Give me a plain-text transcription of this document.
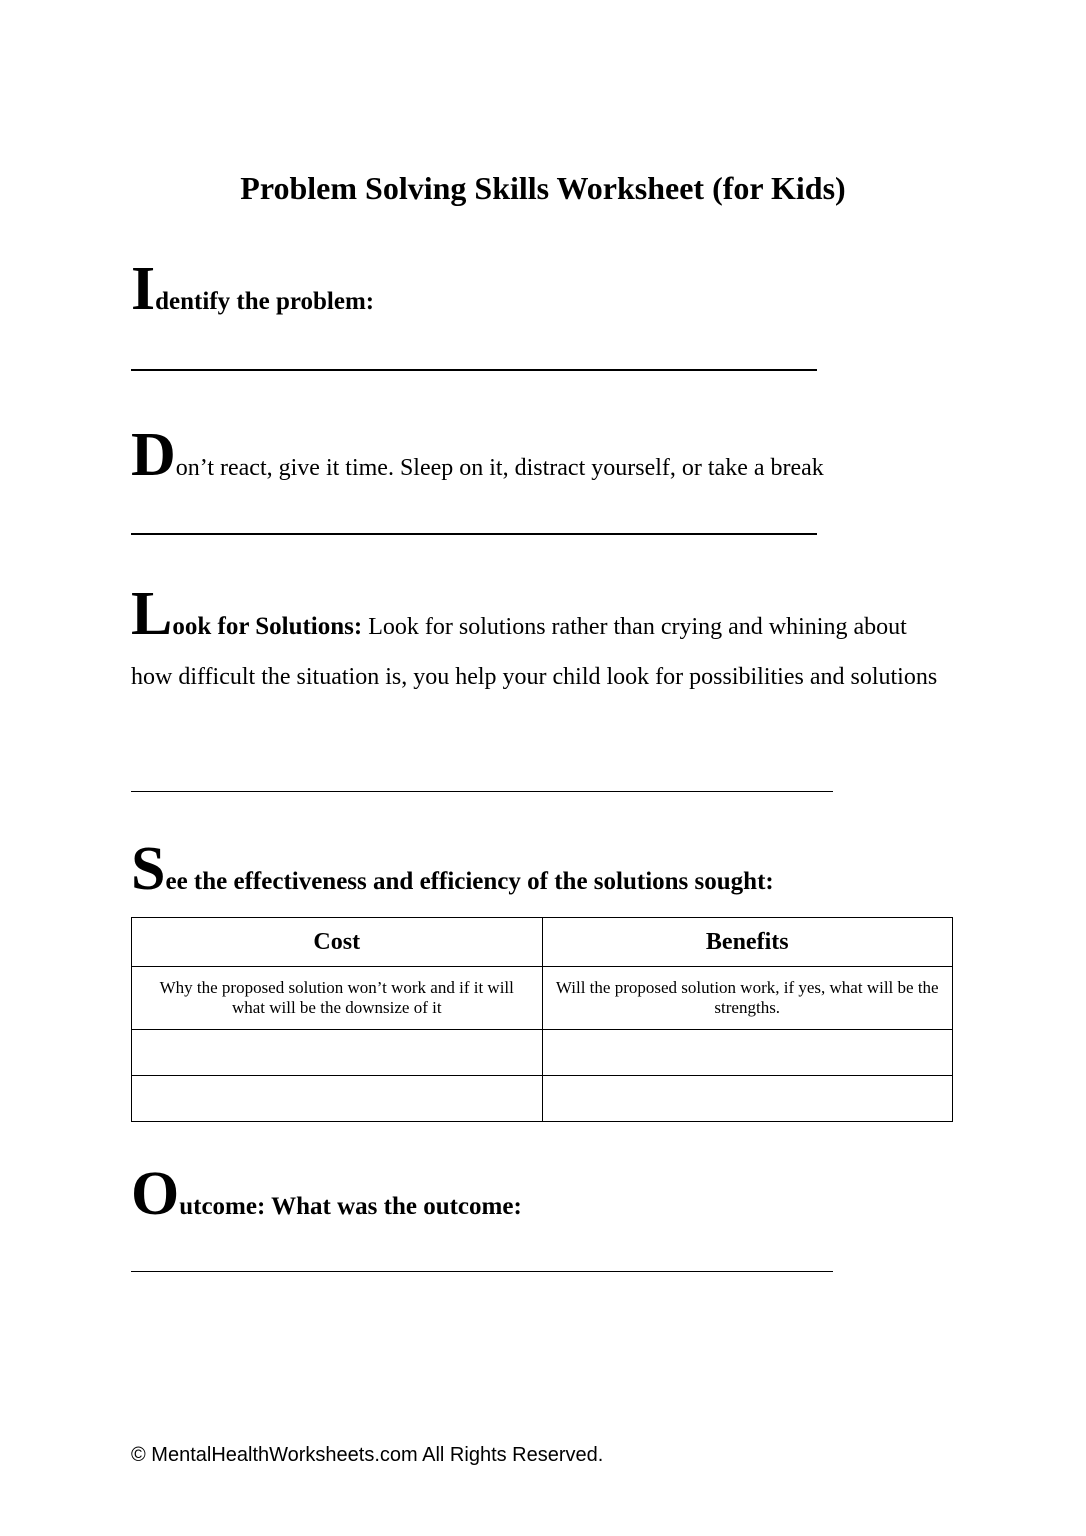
Problem Solving Skills Worksheet (for Kids)
Identify the problem:
Don’t react, give it time. Sleep on it, distract yourself, or take a break
Look for Solutions: Look for solutions rather than crying and whining about
how difficult the situation is, you help your child look for possibilities and solutions
See the effectiveness and efficiency of the solutions sought:
Cost	Benefits
Why the proposed solution won’t work and if it will what will be the downsize of it	Will the proposed solution work, if yes, what will be the strengths.

Outcome: What was the outcome:
© MentalHealthWorksheets.com All Rights Reserved.
